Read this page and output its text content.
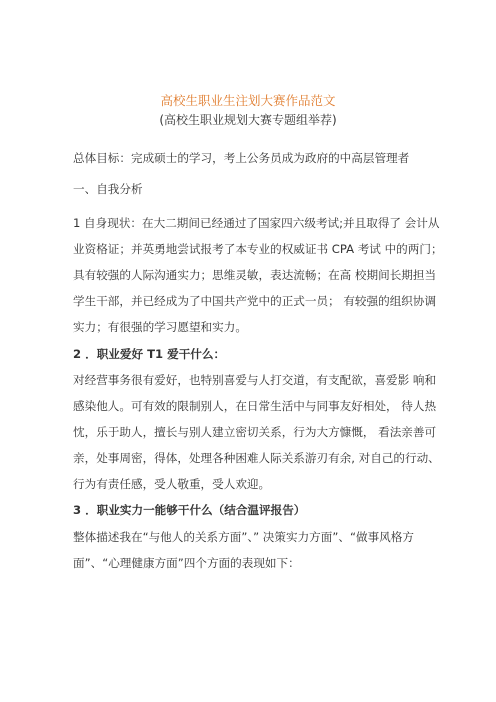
高校生职业生注划大赛作品范文
(高校生职业规划大赛专题组举荐)
总体目标：完成硕士的学习，考上公务员成为政府的中高层管理者
一、自我分析
1 自身现状：在大二期间已经通过了国家四六级考试;并且取得了 会计从
业资格证；并英勇地尝试报考了本专业的权威证书 CPA 考试 中的两门；
具有较强的人际沟通实力；思维灵敏，表达流畅；在高 校期间长期担当
学生干部，并已经成为了中国共产党中的正式一员； 有较强的组织协调
实力；有很强的学习愿望和实力。
2 ．职业爱好 T1 爱干什么：
对经营事务很有爱好，也特别喜爱与人打交道，有支配欲，喜爱影 响和
感染他人。可有效的限制别人，在日常生活中与同事友好相处， 待人热
忱，乐于助人，擅长与别人建立密切关系，行为大方慷慨， 看法亲善可
亲，处事周密，得体，处理各种困难人际关系游刃有余, 对自己的行动、
行为有责任感，受人敬重，受人欢迎。
3 ．职业实力一能够干什么（结合温评报告）
整体描述我在“与他人的关系方面”、” 决策实力方面”、“做事风格方
面”、“心理健康方面”四个方面的表现如下：
